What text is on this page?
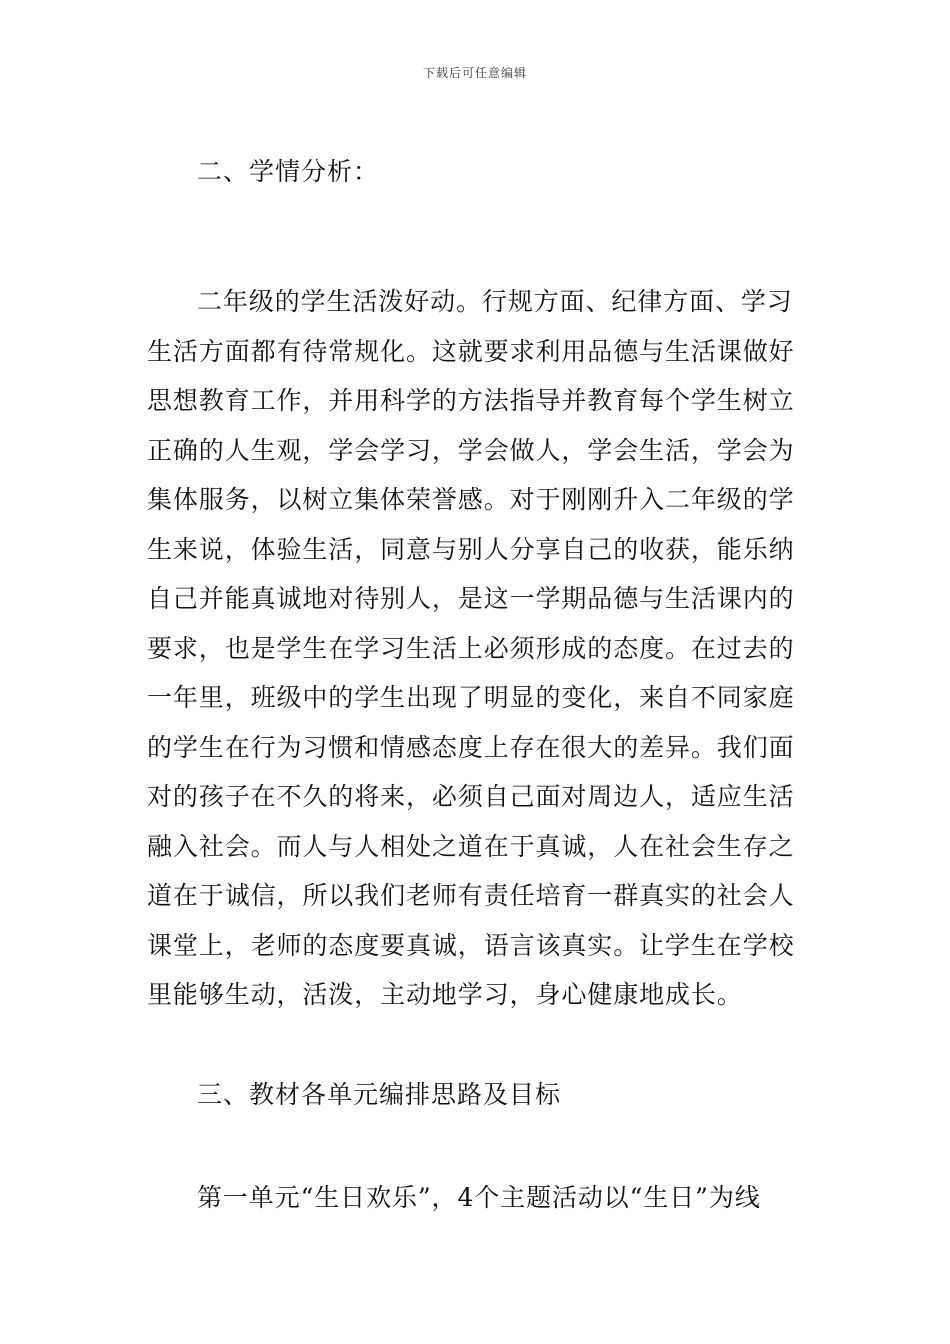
下载后可任意编辑
二、学情分析：
二年级的学生活泼好动。行规方面、纪律方面、学习
生活方面都有待常规化。这就要求利用品德与生活课做好
思想教育工作，并用科学的方法指导并教育每个学生树立
正确的人生观，学会学习，学会做人，学会生活，学会为
集体服务，以树立集体荣誉感。对于刚刚升入二年级的学
生来说，体验生活，同意与别人分享自己的收获，能乐纳
自己并能真诚地对待别人，是这一学期品德与生活课内的
要求，也是学生在学习生活上必须形成的态度。在过去的
一年里，班级中的学生出现了明显的变化，来自不同家庭
的学生在行为习惯和情感态度上存在很大的差异。我们面
对的孩子在不久的将来，必须自己面对周边人，适应生活
融入社会。而人与人相处之道在于真诚，人在社会生存之
道在于诚信，所以我们老师有责任培育一群真实的社会人
课堂上，老师的态度要真诚，语言该真实。让学生在学校
里能够生动，活泼，主动地学习，身心健康地成长。
三、教材各单元编排思路及目标
第一单元“生日欢乐”，4个主题活动以“生日”为线
